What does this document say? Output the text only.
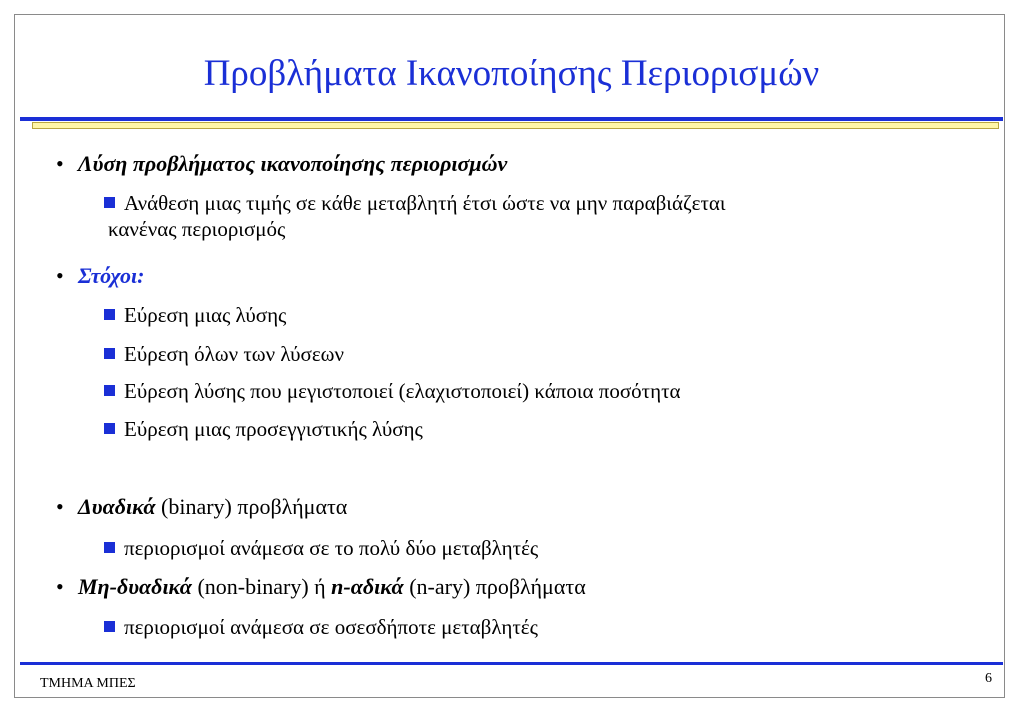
Προβλήματα Ικανοποίησης Περιορισμών
• Λύση προβλήματος ικανοποίησης περιορισμών
Ανάθεση μιας τιμής σε κάθε μεταβλητή έτσι ώστε να μην παραβιάζεται
κανένας περιορισμός
• Στόχοι:
Εύρεση μιας λύσης
Εύρεση όλων των λύσεων
Εύρεση λύσης που μεγιστοποιεί (ελαχιστοποιεί) κάποια ποσότητα
Εύρεση μιας προσεγγιστικής λύσης
• Δυαδικά (binary) προβλήματα
περιορισμοί ανάμεσα σε το πολύ δύο μεταβλητές
• Μη-δυαδικά (non-binary) ή n-αδικά (n-ary) προβλήματα
περιορισμοί ανάμεσα σε οσεσδήποτε μεταβλητές
ΤΜΗΜΑ ΜΠΕΣ	6
